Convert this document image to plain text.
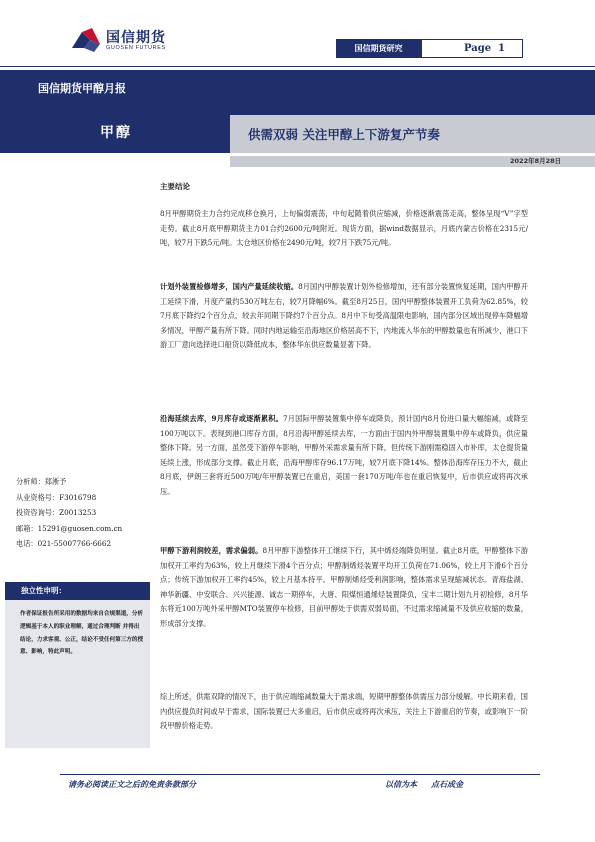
国信期货
GUOSEN FUTURES	国信期货研究	Page 1
国信期货甲醇月报
甲醇	供需双弱 关注甲醇上下游复产节奏
2022年8月28日
主要结论

8月甲醇期货主力合约完成移仓换月，上旬偏弱震荡，中旬起随着供应缩减，价格逐渐震荡走高，整体呈现“V”字型走势。截止8月底甲醇期货主力01合约2600元/吨附近。现货方面，据wind数据显示，月底内蒙古价格在2315元/吨，较7月下跌5元/吨。太仓地区价格在2490元/吨，较7月下跌75元/吨。

计划外装置检修增多，国内产量延续收缩。8月国内甲醇装置计划外检修增加，还有部分装置恢复延期，国内甲醇开工延续下滑，月度产量约530万吨左右，较7月降幅6%。截至8月25日，国内甲醇整体装置开工负荷为62.85%，较7月底下降约2个百分点，较去年同期下降约7个百分点。8月中下旬受高温限电影响，国内部分区域出现停车降幅增多情况，甲醇产量有所下降。同时内地运输至沿海地区价格居高不下，内地流入华东的甲醇数量也有所减少，港口下游工厂意向选择进口船货以降低成本，整体华东供应数量显著下降。

沿海延续去库，9月库存或逐渐累积。7月国际甲醇装置集中停车或降负，预计国内8月份进口量大幅缩减，或降至100万吨以下。表现到港口库存方面，8月沿海甲醇延续去库，一方面由于国内外甲醇装置集中停车或降负，供应量整体下降。另一方面，虽然受下游停车影响，甲醇外采需求量有所下降，但传统下游刚需稳固入市补库，太仓提货量延续上涨，形成部分支撑。截止月底，沿海甲醇库存96.17万吨，较7月底下降14%。整体沿海库存压力不大，截止8月底，伊朗三套将近500万吨/年甲醇装置已在重启，美国一套170万吨/年也在重启恢复中，后市供应或将再次承压。

甲醇下游利润较差，需求偏弱。8月甲醇下游整体开工继续下行，其中烯烃端降负明显。截止8月底，甲醇整体下游加权开工率约为63%，较上月继续下滑4个百分点；甲醇制烯烃装置平均开工负荷在71.06%，较上月下滑6个百分点；传统下游加权开工率约45%，较上月基本持平。甲醇制烯烃受利润影响，整体需求呈现缩减状态。青海盐湖、神华新疆、中安联合、兴兴能源、诚志一期停车，大唐、阳煤恒通烯烃装置降负，宝丰二期计划九月初检修，8月华东将近100万吨外采甲醇MTO装置停车检修，目前甲醇处于供需双弱局面，不过需求缩减量不及供应收缩的数量，形成部分支撑。

综上所述，供需双降的情况下，由于供应端缩减数量大于需求端，短期甲醇整体供需压力部分缓解。中长期来看，国内供应提负时间或早于需求，国际装置已大多重启，后市供应或将再次承压，关注上下游重启的节奏，或影响下一阶段甲醇价格走势。

分析师：郑淅予
从业资格号：F3016798
投资咨询号：Z0013253
邮箱：15291@guosen.com.cn
电话：021-55007766-6662
独立性申明：
作者保证报告所采用的数据均来自合规渠道，分析逻辑基于本人的职业理解，通过合理判断 并得出结论，力求客观、公正，结论不受任何第三方的授意、影响，特此声明。
请务必阅读正文之后的免责条款部分	以信为本 点石成金
